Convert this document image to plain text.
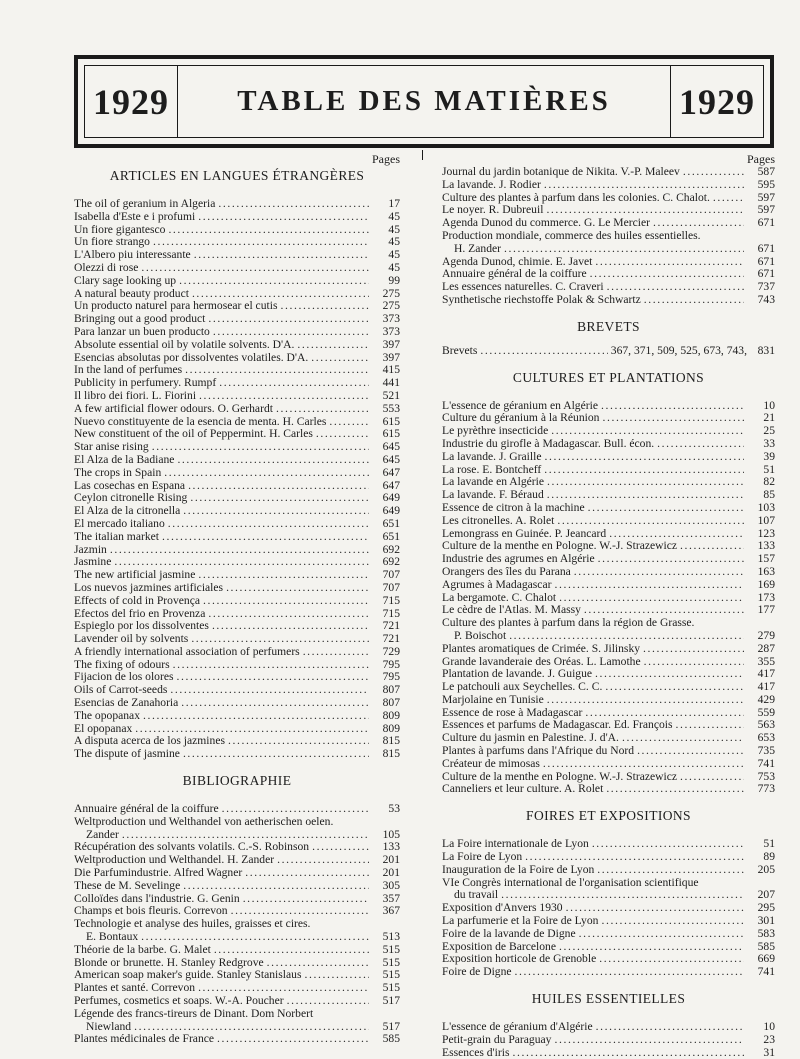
1929	TABLE DES MATIÈRES	1929
Pages
ARTICLES EN LANGUES ÉTRANGÈRES
The oil of geranium in Algeria .....	17
Isabella d'Este e i profumi .....	45
Un fiore gigantesco .....	45
Un fiore strango .....	45
L'Albero piu interessante .....	45
Olezzi di rose .....	45
Clary sage looking up .....	99
A natural beauty product .....	275
Un producto naturel para hermosear el cutis .....	275
Bringing out a good product .....	373
Para lanzar un buen producto .....	373
Absolute essential oil by volatile solvents. D'A. .....	397
Esencias absolutas por dissolventes volatiles. D'A. .....	397
In the land of perfumes .....	415
Publicity in perfumery. Rumpf .....	441
Il libro dei fiori. L. Fiorini .....	521
A few artificial flower odours. O. Gerhardt .....	553
Nuevo constituyente de la esencia de menta. H. Carles .....	615
New constituent of the oil of Peppermint. H. Carles .....	615
Star anise rising .....	645
El Alza de la Badiane .....	645
The crops in Spain .....	647
Las cosechas en Espana .....	647
Ceylon citronelle Rising .....	649
El Alza de la citronella .....	649
El mercado italiano .....	651
The italian market .....	651
Jazmin .....	692
Jasmine .....	692
The new artificial jasmine .....	707
Los nuevos jazmines artificiales .....	707
Effects of cold in Provença .....	715
Efectos del frio en Provenza .....	715
Espieglo por los dissolventes .....	721
Lavender oil by solvents .....	721
A friendly international association of perfumers .....	729
The fixing of odours .....	795
Fijacion de los olores .....	795
Oils of Carrot-seeds .....	807
Esencias de Zanahoria .....	807
The opopanax .....	809
El opopanax .....	809
A disputa acerca de los jazmines .....	815
The dispute of jasmine .....	815
BIBLIOGRAPHIE
Annuaire général de la coiffure .....	53
Weltproduction und Welthandel von aetherischen oelen.
Zander .....	105
Récupération des solvants volatils. C.-S. Robinson .....	133
Weltproduction und Welthandel. H. Zander .....	201
Die Parfumindustrie. Alfred Wagner .....	201
These de M. Sevelinge .....	305
Colloïdes dans l'industrie. G. Genin .....	357
Champs et bois fleuris. Correvon .....	367
Technologie et analyse des huiles, graisses et cires.
E. Bontaux .....	513
Théorie de la barbe. G. Malet .....	515
Blonde or brunette. H. Stanley Redgrove .....	515
American soap maker's guide. Stanley Stanislaus .....	515
Plantes et santé. Correvon .....	515
Perfumes, cosmetics et soaps. W.-A. Poucher .....	517
Légende des francs-tireurs de Dinant. Dom Norbert
Niewland .....	517
Plantes médicinales de France .....	585
Pages
Journal du jardin botanique de Nikita. V.-P. Maleev .....	587
La lavande. J. Rodier .....	595
Culture des plantes à parfum dans les colonies. C. Chalot. .....	597
Le noyer. R. Dubreuil .....	597
Agenda Dunod du commerce. G. Le Mercier .....	671
Production mondiale, commerce des huiles essentielles.
H. Zander .....	671
Agenda Dunod, chimie. E. Javet .....	671
Annuaire général de la coiffure .....	671
Les essences naturelles. C. Craveri .....	737
Synthetische riechstoffe Polak & Schwartz .....	743
BREVETS
Brevets .....	367, 371, 509, 525, 673, 743, 831
CULTURES ET PLANTATIONS
L'essence de géranium en Algérie .....	10
Culture du géranium à la Réunion .....	21
Le pyrèthre insecticide .....	25
Industrie du girofle à Madagascar. Bull. écon. .....	33
La lavande. J. Graille .....	39
La rose. E. Bontcheff .....	51
La lavande en Algérie .....	82
La lavande. F. Béraud .....	85
Essence de citron à la machine .....	103
Les citronelles. A. Rolet .....	107
Lemongrass en Guinée. P. Jeancard .....	123
Culture de la menthe en Pologne. W.-J. Strazewicz .....	133
Industrie des agrumes en Algérie .....	157
Orangers des îles du Parana .....	163
Agrumes à Madagascar .....	169
La bergamote. C. Chalot .....	173
Le cèdre de l'Atlas. M. Massy .....	177
Culture des plantes à parfum dans la région de Grasse.
P. Boischot .....	279
Plantes aromatiques de Crimée. S. Jilinsky .....	287
Grande lavanderaie des Oréas. L. Lamothe .....	355
Plantation de lavande. J. Guigue .....	417
Le patchouli aux Seychelles. C. C. .....	417
Marjolaine en Tunisie .....	429
Essence de rose à Madagascar .....	559
Essences et parfums de Madagascar. Ed. François .....	563
Culture du jasmin en Palestine. J. d'A. .....	653
Plantes à parfums dans l'Afrique du Nord .....	735
Créateur de mimosas .....	741
Culture de la menthe en Pologne. W.-J. Strazewicz .....	753
Canneliers et leur culture. A. Rolet .....	773
FOIRES ET EXPOSITIONS
La Foire internationale de Lyon .....	51
La Foire de Lyon .....	89
Inauguration de la Foire de Lyon .....	205
VIe Congrès international de l'organisation scientifique
du travail .....	207
Exposition d'Anvers 1930 .....	295
La parfumerie et la Foire de Lyon .....	301
Foire de la lavande de Digne .....	583
Exposition de Barcelone .....	585
Exposition horticole de Grenoble .....	669
Foire de Digne .....	741
HUILES ESSENTIELLES
L'essence de géranium d'Algérie .....	10
Petit-grain du Paraguay .....	23
Essences d'iris .....	31
